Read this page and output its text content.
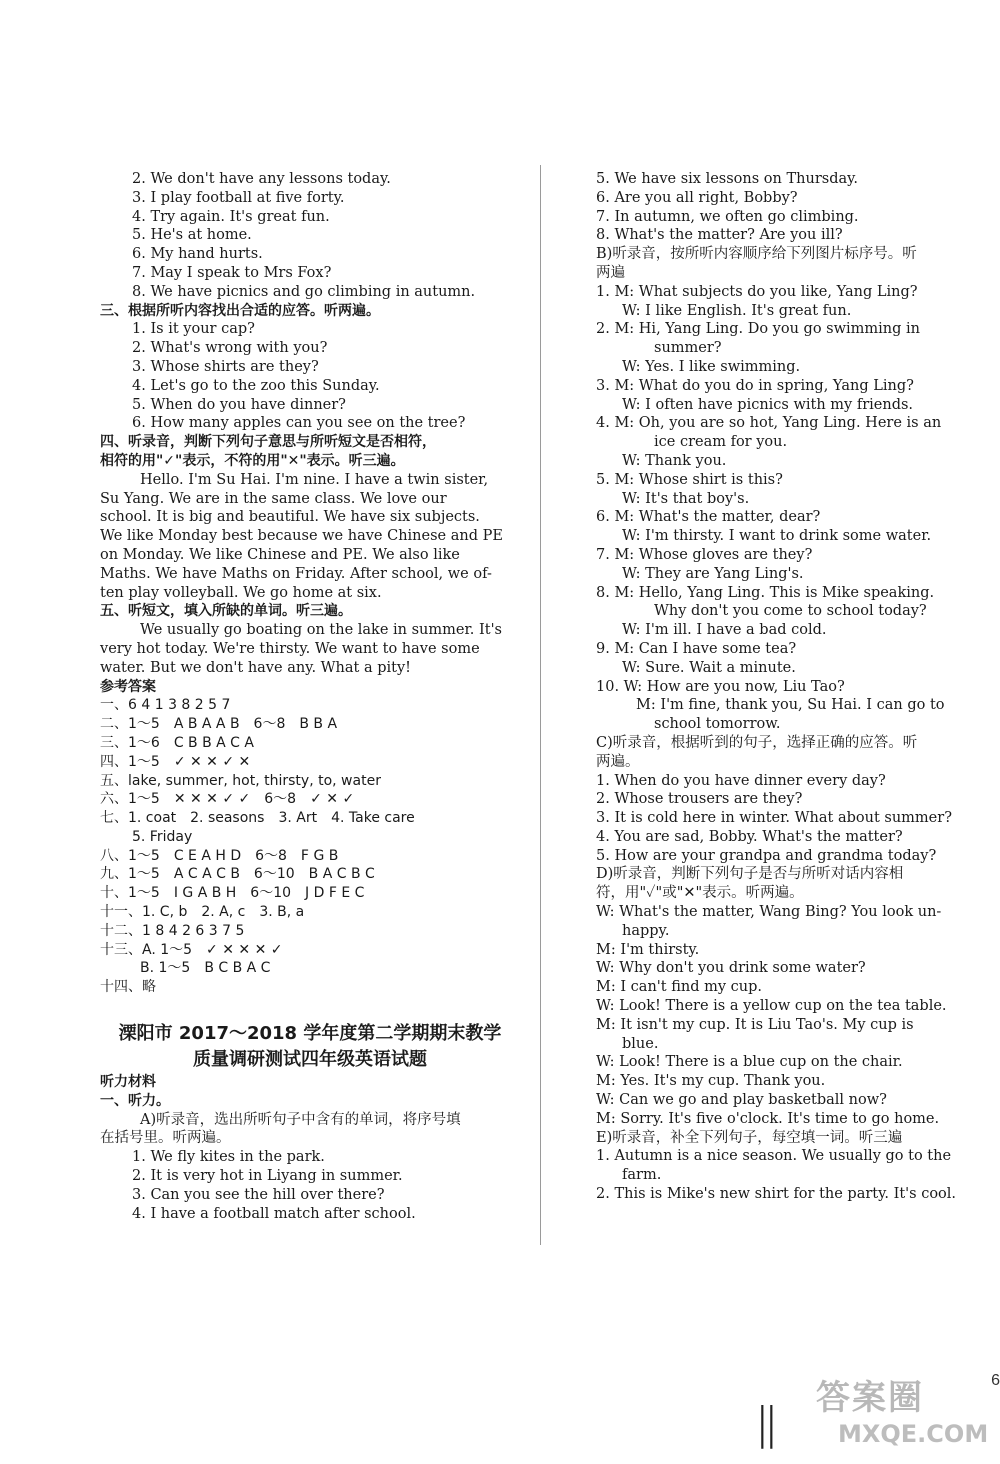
2. We don't have any lessons today.
3. I play football at five forty.
4. Try again. It's great fun.
5. He's at home.
6. My hand hurts.
7. May I speak to Mrs Fox?
8. We have picnics and go climbing in autumn.
三、根据所听内容找出合适的应答。听两遍。
1. Is it your cap?
2. What's wrong with you?
3. Whose shirts are they?
4. Let's go to the zoo this Sunday.
5. When do you have dinner?
6. How many apples can you see on the tree?
四、听录音，判断下列句子意思与所听短文是否相符，
相符的用"✓"表示，不符的用"✕"表示。听三遍。
Hello. I'm Su Hai. I'm nine. I have a twin sister,
Su Yang. We are in the same class. We love our
school. It is big and beautiful. We have six subjects.
We like Monday best because we have Chinese and PE
on Monday. We like Chinese and PE. We also like
Maths. We have Maths on Friday. After school, we of-
ten play volleyball. We go home at six.
五、听短文，填入所缺的单词。听三遍。
We usually go boating on the lake in summer. It's
very hot today. We're thirsty. We want to have some
water. But we don't have any. What a pity!
参考答案
一、6 4 1 3 8 2 5 7
二、1～5　A B A A B　6～8　B B A
三、1～6　C B B A C A
四、1～5　✓ ✕ ✕ ✓ ✕
五、lake, summer, hot, thirsty, to, water
六、1～5　✕ ✕ ✕ ✓ ✓　6～8　✓ ✕ ✓
七、1. coat　2. seasons　3. Art　4. Take care
5. Friday
八、1～5　C E A H D　6～8　F G B
九、1～5　A C A C B　6～10　B A C B C
十、1～5　I G A B H　6～10　J D F E C
十一、1. C, b　2. A, c　3. B, a
十二、1 8 4 2 6 3 7 5
十三、A. 1～5　✓ ✕ ✕ ✕ ✓
B. 1～5　B C B A C
十四、略
溧阳市 2017～2018 学年度第二学期期末教学
质量调研测试四年级英语试题
听力材料
一、听力。
A)听录音，选出所听句子中含有的单词，将序号填
在括号里。听两遍。
1. We fly kites in the park.
2. It is very hot in Liyang in summer.
3. Can you see the hill over there?
4. I have a football match after school.
5. We have six lessons on Thursday.
6. Are you all right, Bobby?
7. In autumn, we often go climbing.
8. What's the matter? Are you ill?
B)听录音，按所听内容顺序给下列图片标序号。听
两遍
1. M: What subjects do you like, Yang Ling?
W: I like English. It's great fun.
2. M: Hi, Yang Ling. Do you go swimming in
summer?
W: Yes. I like swimming.
3. M: What do you do in spring, Yang Ling?
W: I often have picnics with my friends.
4. M: Oh, you are so hot, Yang Ling. Here is an
ice cream for you.
W: Thank you.
5. M: Whose shirt is this?
W: It's that boy's.
6. M: What's the matter, dear?
W: I'm thirsty. I want to drink some water.
7. M: Whose gloves are they?
W: They are Yang Ling's.
8. M: Hello, Yang Ling. This is Mike speaking.
Why don't you come to school today?
W: I'm ill. I have a bad cold.
9. M: Can I have some tea?
W: Sure. Wait a minute.
10. W: How are you now, Liu Tao?
M: I'm fine, thank you, Su Hai. I can go to
school tomorrow.
C)听录音，根据听到的句子，选择正确的应答。听
两遍。
1. When do you have dinner every day?
2. Whose trousers are they?
3. It is cold here in winter. What about summer?
4. You are sad, Bobby. What's the matter?
5. How are your grandpa and grandma today?
D)听录音，判断下列句子是否与所听对话内容相
符，用"✓"或"✕"表示。听两遍。
W: What's the matter, Wang Bing? You look un-
happy.
M: I'm thirsty.
W: Why don't you drink some water?
M: I can't find my cup.
W: Look! There is a yellow cup on the tea table.
M: It isn't my cup. It is Liu Tao's. My cup is
blue.
W: Look! There is a blue cup on the chair.
M: Yes. It's my cup. Thank you.
W: Can we go and play basketball now?
M: Sorry. It's five o'clock. It's time to go home.
E)听录音，补全下列句子，每空填一词。听三遍
1. Autumn is a nice season. We usually go to the
farm.
2. This is Mike's new shirt for the party. It's cool.
6
|| 答案圈
MXQE.COM
